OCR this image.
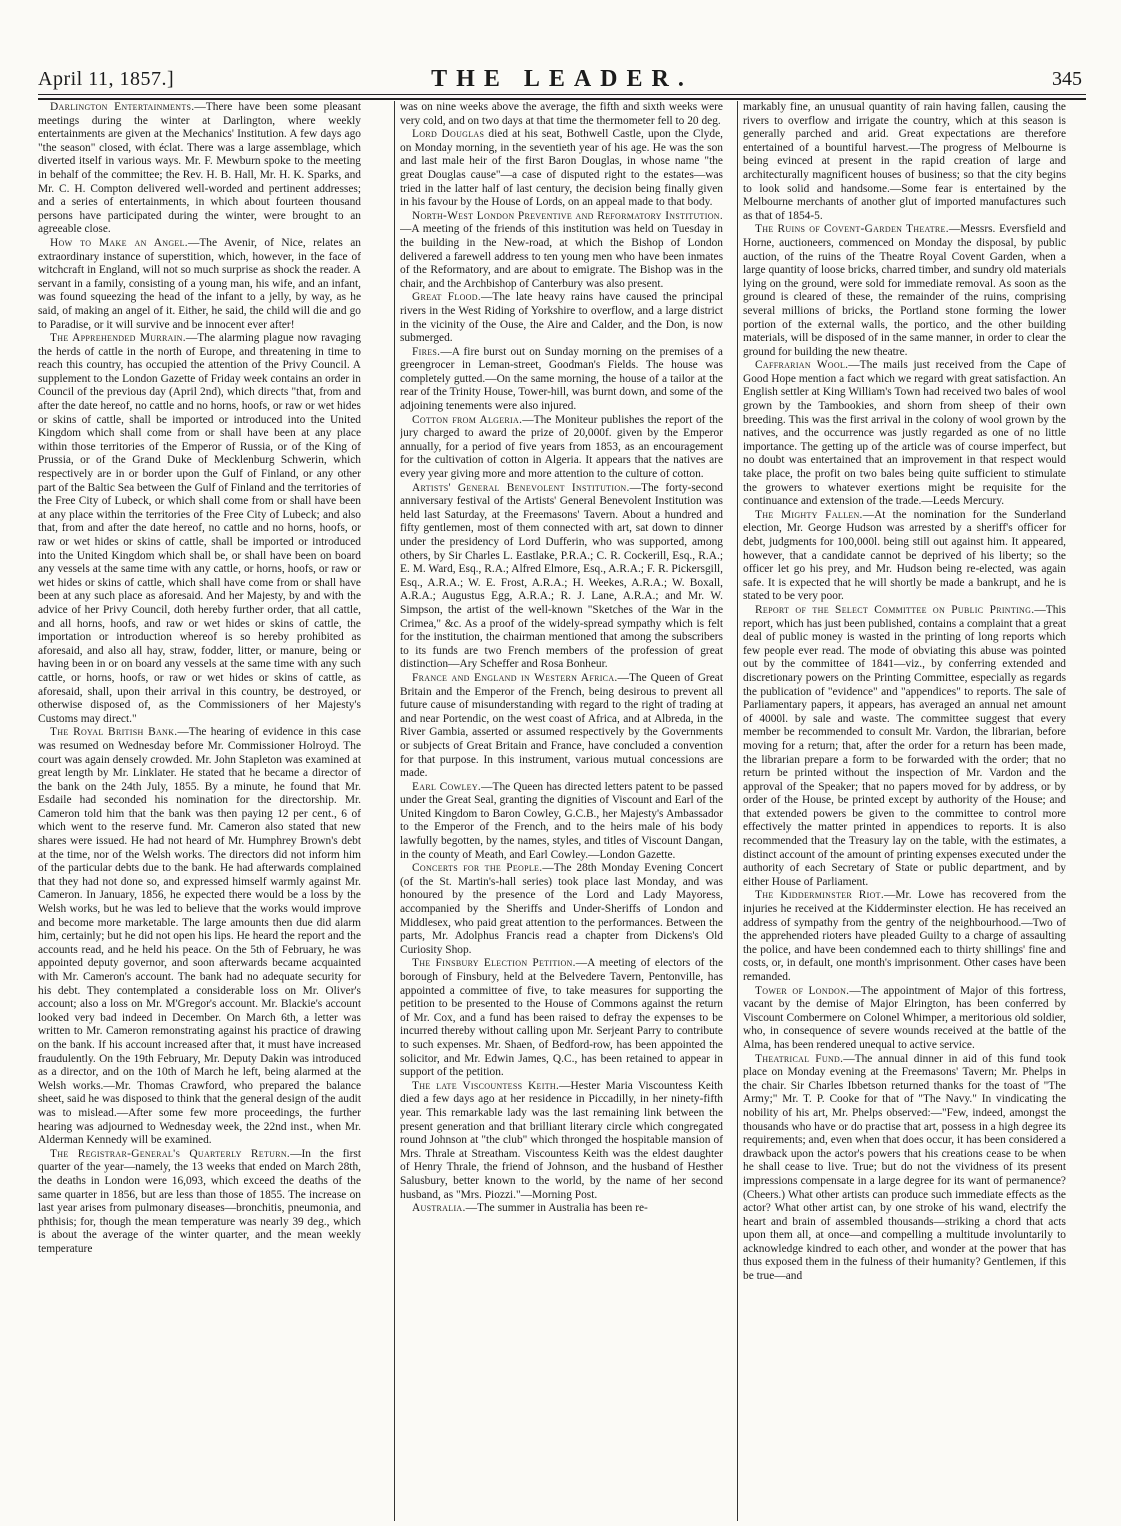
April 11, 1857.]	THE LEADER.	345

Darlington Entertainments.—There have been some pleasant meetings during the winter at Darlington, where weekly entertainments are given at the Mechanics' Institution. A few days ago "the season" closed, with éclat. There was a large assemblage, which diverted itself in various ways. Mr. F. Mewburn spoke to the meeting in behalf of the committee; the Rev. H. B. Hall, Mr. H. K. Sparks, and Mr. C. H. Compton delivered well-worded and pertinent addresses; and a series of entertainments, in which about fourteen thousand persons have participated during the winter, were brought to an agreeable close.

How to Make an Angel.—The Avenir, of Nice, relates an extraordinary instance of superstition, which, however, in the face of witchcraft in England, will not so much surprise as shock the reader. A servant in a family, consisting of a young man, his wife, and an infant, was found squeezing the head of the infant to a jelly, by way, as he said, of making an angel of it. Either, he said, the child will die and go to Paradise, or it will survive and be innocent ever after!

The Apprehended Murrain.—The alarming plague now ravaging the herds of cattle in the north of Europe, and threatening in time to reach this country, has occupied the attention of the Privy Council. A supplement to the London Gazette of Friday week contains an order in Council of the previous day (April 2nd), which directs "that, from and after the date hereof, no cattle and no horns, hoofs, or raw or wet hides or skins of cattle, shall be imported or introduced into the United Kingdom which shall come from or shall have been at any place within those territories of the Emperor of Russia, or of the King of Prussia, or of the Grand Duke of Mecklenburg Schwerin, which respectively are in or border upon the Gulf of Finland, or any other part of the Baltic Sea between the Gulf of Finland and the territories of the Free City of Lubeck, or which shall come from or shall have been at any place within the territories of the Free City of Lubeck; and also that, from and after the date hereof, no cattle and no horns, hoofs, or raw or wet hides or skins of cattle, shall be imported or introduced into the United Kingdom which shall be, or shall have been on board any vessels at the same time with any cattle, or horns, hoofs, or raw or wet hides or skins of cattle, which shall have come from or shall have been at any such place as aforesaid. And her Majesty, by and with the advice of her Privy Council, doth hereby further order, that all cattle, and all horns, hoofs, and raw or wet hides or skins of cattle, the importation or introduction whereof is so hereby prohibited as aforesaid, and also all hay, straw, fodder, litter, or manure, being or having been in or on board any vessels at the same time with any such cattle, or horns, hoofs, or raw or wet hides or skins of cattle, as aforesaid, shall, upon their arrival in this country, be destroyed, or otherwise disposed of, as the Commissioners of her Majesty's Customs may direct."

The Royal British Bank.—The hearing of evidence in this case was resumed on Wednesday before Mr. Commissioner Holroyd. The court was again densely crowded. Mr. John Stapleton was examined at great length by Mr. Linklater. He stated that he became a director of the bank on the 24th July, 1855. By a minute, he found that Mr. Esdaile had seconded his nomination for the directorship. Mr. Cameron told him that the bank was then paying 12 per cent., 6 of which went to the reserve fund. Mr. Cameron also stated that new shares were issued. He had not heard of Mr. Humphrey Brown's debt at the time, nor of the Welsh works. The directors did not inform him of the particular debts due to the bank. He had afterwards complained that they had not done so, and expressed himself warmly against Mr. Cameron. In January, 1856, he expected there would be a loss by the Welsh works, but he was led to believe that the works would improve and become more marketable. The large amounts then due did alarm him, certainly; but he did not open his lips. He heard the report and the accounts read, and he held his peace. On the 5th of February, he was appointed deputy governor, and soon afterwards became acquainted with Mr. Cameron's account. The bank had no adequate security for his debt. They contemplated a considerable loss on Mr. Oliver's account; also a loss on Mr. M'Gregor's account. Mr. Blackie's account looked very bad indeed in December. On March 6th, a letter was written to Mr. Cameron remonstrating against his practice of drawing on the bank. If his account increased after that, it must have increased fraudulently. On the 19th February, Mr. Deputy Dakin was introduced as a director, and on the 10th of March he left, being alarmed at the Welsh works.—Mr. Thomas Crawford, who prepared the balance sheet, said he was disposed to think that the general design of the audit was to mislead.—After some few more proceedings, the further hearing was adjourned to Wednesday week, the 22nd inst., when Mr. Alderman Kennedy will be examined.

The Registrar-General's Quarterly Return.—In the first quarter of the year—namely, the 13 weeks that ended on March 28th, the deaths in London were 16,093, which exceed the deaths of the same quarter in 1856, but are less than those of 1855. The increase on last year arises from pulmonary diseases—bronchitis, pneumonia, and phthisis; for, though the mean temperature was nearly 39 deg., which is about the average of the winter quarter, and the mean weekly temperature

was on nine weeks above the average, the fifth and sixth weeks were very cold, and on two days at that time the thermometer fell to 20 deg.

Lord Douglas died at his seat, Bothwell Castle, upon the Clyde, on Monday morning, in the seventieth year of his age. He was the son and last male heir of the first Baron Douglas, in whose name "the great Douglas cause"—a case of disputed right to the estates—was tried in the latter half of last century, the decision being finally given in his favour by the House of Lords, on an appeal made to that body.

North-West London Preventive and Reformatory Institution.—A meeting of the friends of this institution was held on Tuesday in the building in the New-road, at which the Bishop of London delivered a farewell address to ten young men who have been inmates of the Reformatory, and are about to emigrate. The Bishop was in the chair, and the Archbishop of Canterbury was also present.

Great Flood.—The late heavy rains have caused the principal rivers in the West Riding of Yorkshire to overflow, and a large district in the vicinity of the Ouse, the Aire and Calder, and the Don, is now submerged.

Fires.—A fire burst out on Sunday morning on the premises of a greengrocer in Leman-street, Goodman's Fields. The house was completely gutted.—On the same morning, the house of a tailor at the rear of the Trinity House, Tower-hill, was burnt down, and some of the adjoining tenements were also injured.

Cotton from Algeria.—The Moniteur publishes the report of the jury charged to award the prize of 20,000f. given by the Emperor annually, for a period of five years from 1853, as an encouragement for the cultivation of cotton in Algeria. It appears that the natives are every year giving more and more attention to the culture of cotton.

Artists' General Benevolent Institution.—The forty-second anniversary festival of the Artists' General Benevolent Institution was held last Saturday, at the Freemasons' Tavern. About a hundred and fifty gentlemen, most of them connected with art, sat down to dinner under the presidency of Lord Dufferin, who was supported, among others, by Sir Charles L. Eastlake, P.R.A.; C. R. Cockerill, Esq., R.A.; E. M. Ward, Esq., R.A.; Alfred Elmore, Esq., A.R.A.; F. R. Pickersgill, Esq., A.R.A.; W. E. Frost, A.R.A.; H. Weekes, A.R.A.; W. Boxall, A.R.A.; Augustus Egg, A.R.A.; R. J. Lane, A.R.A.; and Mr. W. Simpson, the artist of the well-known "Sketches of the War in the Crimea," &c. As a proof of the widely-spread sympathy which is felt for the institution, the chairman mentioned that among the subscribers to its funds are two French members of the profession of great distinction—Ary Scheffer and Rosa Bonheur.

France and England in Western Africa.—The Queen of Great Britain and the Emperor of the French, being desirous to prevent all future cause of misunderstanding with regard to the right of trading at and near Portendic, on the west coast of Africa, and at Albreda, in the River Gambia, asserted or assumed respectively by the Governments or subjects of Great Britain and France, have concluded a convention for that purpose. In this instrument, various mutual concessions are made.

Earl Cowley.—The Queen has directed letters patent to be passed under the Great Seal, granting the dignities of Viscount and Earl of the United Kingdom to Baron Cowley, G.C.B., her Majesty's Ambassador to the Emperor of the French, and to the heirs male of his body lawfully begotten, by the names, styles, and titles of Viscount Dangan, in the county of Meath, and Earl Cowley.—London Gazette.

Concerts for the People.—The 28th Monday Evening Concert (of the St. Martin's-hall series) took place last Monday, and was honoured by the presence of the Lord and Lady Mayoress, accompanied by the Sheriffs and Under-Sheriffs of London and Middlesex, who paid great attention to the performances. Between the parts, Mr. Adolphus Francis read a chapter from Dickens's Old Curiosity Shop.

The Finsbury Election Petition.—A meeting of electors of the borough of Finsbury, held at the Belvedere Tavern, Pentonville, has appointed a committee of five, to take measures for supporting the petition to be presented to the House of Commons against the return of Mr. Cox, and a fund has been raised to defray the expenses to be incurred thereby without calling upon Mr. Serjeant Parry to contribute to such expenses. Mr. Shaen, of Bedford-row, has been appointed the solicitor, and Mr. Edwin James, Q.C., has been retained to appear in support of the petition.

The late Viscountess Keith.—Hester Maria Viscountess Keith died a few days ago at her residence in Piccadilly, in her ninety-fifth year. This remarkable lady was the last remaining link between the present generation and that brilliant literary circle which congregated round Johnson at "the club" which thronged the hospitable mansion of Mrs. Thrale at Streatham. Viscountess Keith was the eldest daughter of Henry Thrale, the friend of Johnson, and the husband of Hesther Salusbury, better known to the world, by the name of her second husband, as "Mrs. Piozzi."—Morning Post.

Australia.—The summer in Australia has been re-

markably fine, an unusual quantity of rain having fallen, causing the rivers to overflow and irrigate the country, which at this season is generally parched and arid. Great expectations are therefore entertained of a bountiful harvest.—The progress of Melbourne is being evinced at present in the rapid creation of large and architecturally magnificent houses of business; so that the city begins to look solid and handsome.—Some fear is entertained by the Melbourne merchants of another glut of imported manufactures such as that of 1854-5.

The Ruins of Covent-Garden Theatre.—Messrs. Eversfield and Horne, auctioneers, commenced on Monday the disposal, by public auction, of the ruins of the Theatre Royal Covent Garden, when a large quantity of loose bricks, charred timber, and sundry old materials lying on the ground, were sold for immediate removal. As soon as the ground is cleared of these, the remainder of the ruins, comprising several millions of bricks, the Portland stone forming the lower portion of the external walls, the portico, and the other building materials, will be disposed of in the same manner, in order to clear the ground for building the new theatre.

Caffrarian Wool.—The mails just received from the Cape of Good Hope mention a fact which we regard with great satisfaction. An English settler at King William's Town had received two bales of wool grown by the Tambookies, and shorn from sheep of their own breeding. This was the first arrival in the colony of wool grown by the natives, and the occurrence was justly regarded as one of no little importance. The getting up of the article was of course imperfect, but no doubt was entertained that an improvement in that respect would take place, the profit on two bales being quite sufficient to stimulate the growers to whatever exertions might be requisite for the continuance and extension of the trade.—Leeds Mercury.

The Mighty Fallen.—At the nomination for the Sunderland election, Mr. George Hudson was arrested by a sheriff's officer for debt, judgments for 100,000l. being still out against him. It appeared, however, that a candidate cannot be deprived of his liberty; so the officer let go his prey, and Mr. Hudson being re-elected, was again safe. It is expected that he will shortly be made a bankrupt, and he is stated to be very poor.

Report of the Select Committee on Public Printing.—This report, which has just been published, contains a complaint that a great deal of public money is wasted in the printing of long reports which few people ever read. The mode of obviating this abuse was pointed out by the committee of 1841—viz., by conferring extended and discretionary powers on the Printing Committee, especially as regards the publication of "evidence" and "appendices" to reports. The sale of Parliamentary papers, it appears, has averaged an annual net amount of 4000l. by sale and waste. The committee suggest that every member be recommended to consult Mr. Vardon, the librarian, before moving for a return; that, after the order for a return has been made, the librarian prepare a form to be forwarded with the order; that no return be printed without the inspection of Mr. Vardon and the approval of the Speaker; that no papers moved for by address, or by order of the House, be printed except by authority of the House; and that extended powers be given to the committee to control more effectively the matter printed in appendices to reports. It is also recommended that the Treasury lay on the table, with the estimates, a distinct account of the amount of printing expenses executed under the authority of each Secretary of State or public department, and by either House of Parliament.

The Kidderminster Riot.—Mr. Lowe has recovered from the injuries he received at the Kidderminster election. He has received an address of sympathy from the gentry of the neighbourhood.—Two of the apprehended rioters have pleaded Guilty to a charge of assaulting the police, and have been condemned each to thirty shillings' fine and costs, or, in default, one month's imprisonment. Other cases have been remanded.

Tower of London.—The appointment of Major of this fortress, vacant by the demise of Major Elrington, has been conferred by Viscount Combermere on Colonel Whimper, a meritorious old soldier, who, in consequence of severe wounds received at the battle of the Alma, has been rendered unequal to active service.

Theatrical Fund.—The annual dinner in aid of this fund took place on Monday evening at the Freemasons' Tavern; Mr. Phelps in the chair. Sir Charles Ibbetson returned thanks for the toast of "The Army;" Mr. T. P. Cooke for that of "The Navy." In vindicating the nobility of his art, Mr. Phelps observed:—"Few, indeed, amongst the thousands who have or do practise that art, possess in a high degree its requirements; and, even when that does occur, it has been considered a drawback upon the actor's powers that his creations cease to be when he shall cease to live. True; but do not the vividness of its present impressions compensate in a large degree for its want of permanence? (Cheers.) What other artists can produce such immediate effects as the actor? What other artist can, by one stroke of his wand, electrify the heart and brain of assembled thousands—striking a chord that acts upon them all, at once—and compelling a multitude involuntarily to acknowledge kindred to each other, and wonder at the power that has thus exposed them in the fulness of their humanity? Gentlemen, if this be true—and
